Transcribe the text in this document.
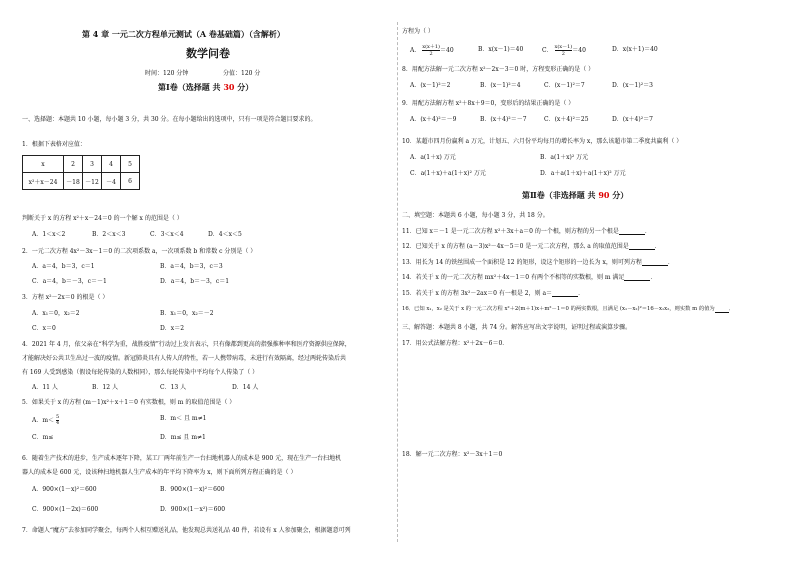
第 4 章 一元二次方程单元测试（A 卷基础篇）（含解析）
数学问卷
时间：120 分钟	分值：120 分
第Ⅰ卷（选择题 共 30 分）
一、选择题：本题共 10 小题，每小题 3 分，共 30 分。在每小题给出的选项中，只有一项是符合题目要求的。
1．根据下表格对应值：
x	2	3	4	5
x²＋x－24	－18	－12	－4	6
判断关于 x 的方程 x²＋x－24＝0 的一个解 x 的范围是（ ）
A．1＜x＜2	B．2＜x＜3	C．3＜x＜4	D．4＜x＜5
2．一元二次方程 4x²－3x－1＝0 的二次项系数 a，一次项系数 b 和常数 c 分别是（ ）
A．a＝4，b＝3，c＝1	B．a＝4，b＝3，c＝3
C．a＝4，b＝－3，c＝－1	D．a＝4，b＝－3，c＝1
3．方程 x²－2x＝0 的根是（ ）
A．x₁＝0，x₂＝2	B．x₁＝0，x₂＝－2
C．x＝0	D．x＝2
4．2021 年 4 月，依父亲在“科学为重，战胜疫情”行动过上发言表示，只有像都到更高的指强推种率和医疗资源供应保障，
才能解决好公共卫生出过一波的疫情。新冠肺炎具有人传人的特性，若一人携带病毒，未进行有效隔离，经过两轮传染后共
有 169 人受到感染（假设每轮传染的人数相同），那么每轮传染中平均每个人传染了（ ）
A．11 人	B．12 人	C．13 人	D．14 人
5．如果关于 x 的方程 (m－1)x²＋x＋1＝0 有实数根，则 m 的取值范围是（ ）
A．$m< \frac{5}{4}$	B．m＜ 且 m≠1
C．m≤	D．m≤ 且 m≠1
6．随着生产技术的进步，生产成本逐年下降，某工厂两年前生产一台扫地机器人的成本是 900 元，现在生产一台扫地机
器人的成本是 600 元，设该种扫地机器人生产成本的年平均下降率为 x，则下面所列方程正确的是（ ）
A．900×(1－x)²＝600	B．900×(1－x)²＝600
C．900×(1－2x)＝600	D．900×(1－x²)＝600
7．命题人“魔方”去参加同学聚会，每两个人相互赠送礼品，他发现总共送礼品 40 件，若设有 x 人参加聚会，根据题意可列
方程为（ ）
A． $\frac{x(x+1)}{2} =40$	B．x(x－1)＝40	C． $\frac{x(x-1)}{2} =40$	D．x(x＋1)＝40
8．用配方法解一元二次方程 x²－2x－3＝0 时，方程变形正确的是（ ）
A．(x－1)²＝2	B．(x－1)²＝4	C．(x－1)²＝7	D．(x－1)²＝3
9．用配方法解方程 x²＋8x＋9＝0，变形后的结果正确的是（ ）
A．(x＋4)²＝－9	B．(x＋4)²＝－7	C．(x＋4)²＝25	D．(x＋4)²＝7
10．某超市四月份赢利 a 万元，计划五、六月份平均每月的增长率为 x，那么该超市第二季度共赢利（ ）
A．a(1＋x) 万元	B．a(1＋x)² 万元
C．a(1＋x)＋a(1＋x)² 万元	D．a＋a(1＋x)＋a(1＋x)² 万元
第Ⅱ卷（非选择题 共 90 分）
二、填空题：本题共 6 小题，每小题 3 分，共 18 分。
11．已知 x＝－1 是一元二次方程 x²＋3x＋a＝0 的一个根，则方程的另一个根是	．
12．已知关于 x 的方程 (a－3)x²－4x－5＝0 是一元二次方程，那么 a 的取值范围是	．
13．用长为 14 的铁丝围成一个面积是 12 的矩形，设这个矩形的一边长为 x，则可列方程	．
14．若关于 x 的一元二次方程 mx²＋4x－1＝0 有两个不相等的实数根，则 m 满足	．
15．若关于 x 的方程 3x²－2ax＝0 有一根是 2，则 a＝	．
16．已知 x₁，x₂ 是关于 x 的一元二次方程 x²＋2(m＋1)x＋m²－1＝0 的两实数根，且满足 (x₁－x₂)²＝16－x₁x₂，则实数 m 的值为	．
三、解答题：本题共 8 小题，共 74 分。解答应写出文字说明，证明过程或演算步骤。
17．用公式法解方程：x²＋2x－6＝0．
18．解一元二次方程：x²－3x＋1＝0
